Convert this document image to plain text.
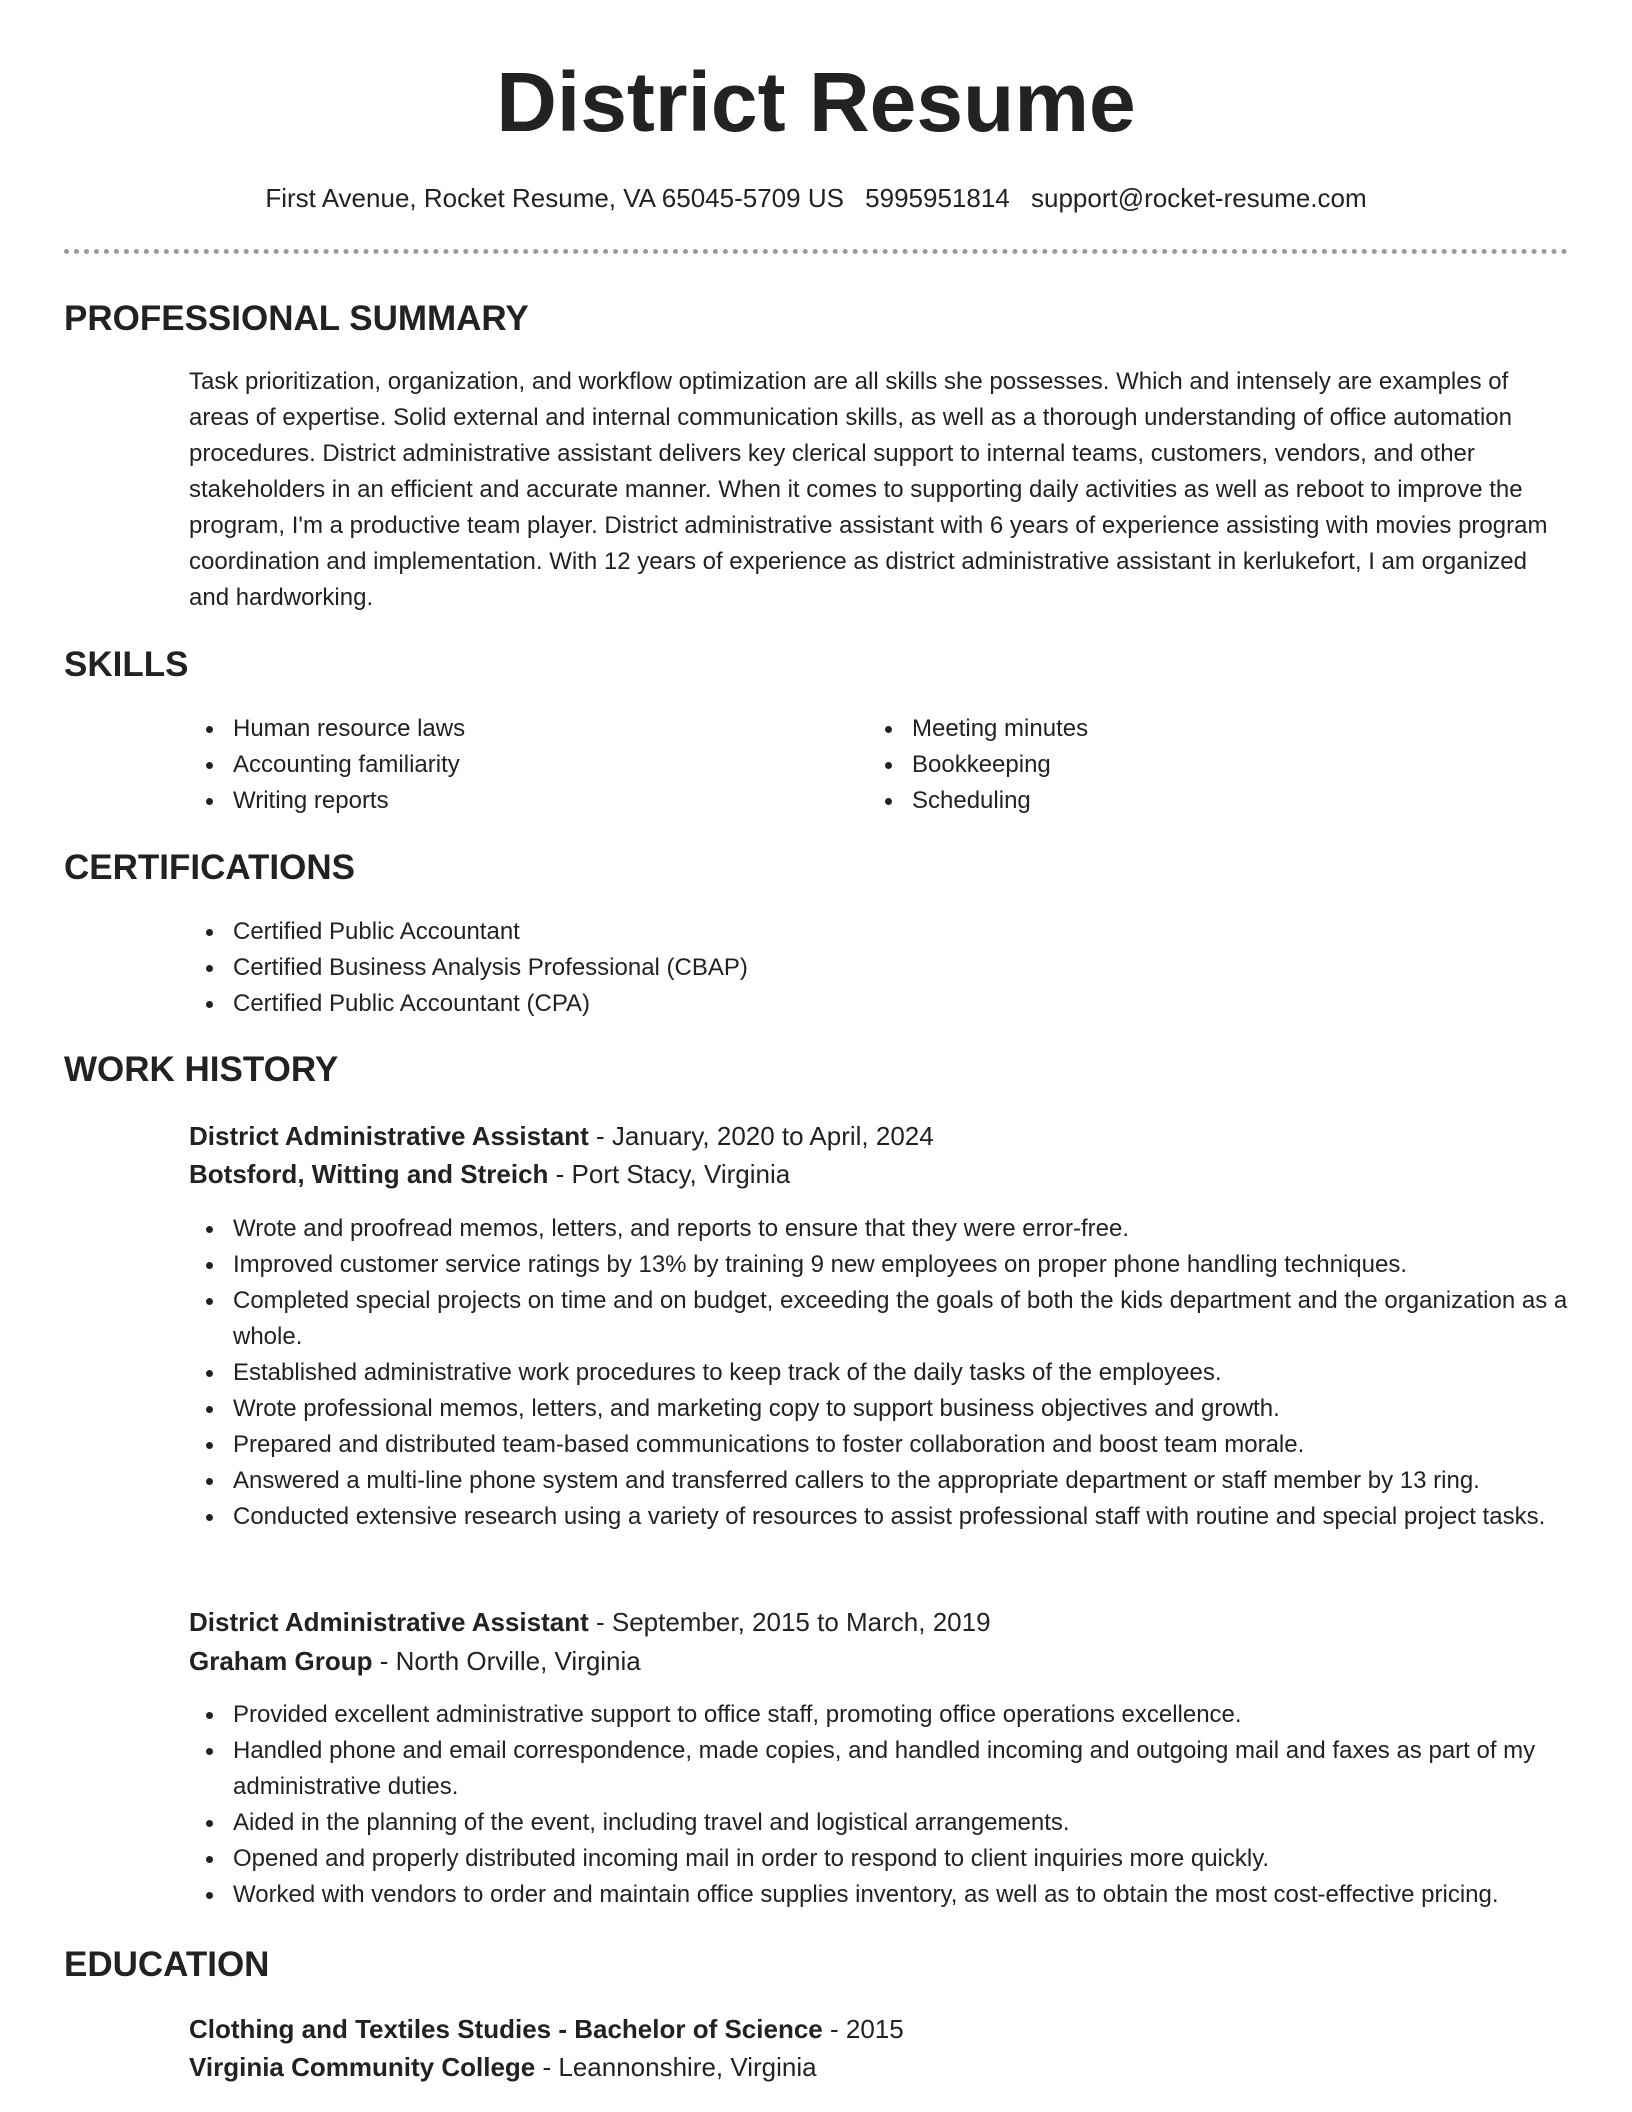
District Resume
First Avenue, Rocket Resume, VA 65045-5709 US 5995951814 support@rocket-resume.com
PROFESSIONAL SUMMARY

Task prioritization, organization, and workflow optimization are all skills she possesses. Which and intensely are examples of areas of expertise. Solid external and internal communication skills, as well as a thorough understanding of office automation procedures. District administrative assistant delivers key clerical support to internal teams, customers, vendors, and other stakeholders in an efficient and accurate manner. When it comes to supporting daily activities as well as reboot to improve the program, I'm a productive team player. District administrative assistant with 6 years of experience assisting with movies program coordination and implementation. With 12 years of experience as district administrative assistant in kerlukefort, I am organized and hardworking.

SKILLS
Human resource laws
Accounting familiarity
Writing reports
Meeting minutes
Bookkeeping
Scheduling
CERTIFICATIONS
Certified Public Accountant
Certified Business Analysis Professional (CBAP)
Certified Public Accountant (CPA)
WORK HISTORY
District Administrative Assistant - January, 2020 to April, 2024
Botsford, Witting and Streich - Port Stacy, Virginia
Wrote and proofread memos, letters, and reports to ensure that they were error-free.
Improved customer service ratings by 13% by training 9 new employees on proper phone handling techniques.
Completed special projects on time and on budget, exceeding the goals of both the kids department and the organization as a whole.
Established administrative work procedures to keep track of the daily tasks of the employees.
Wrote professional memos, letters, and marketing copy to support business objectives and growth.
Prepared and distributed team-based communications to foster collaboration and boost team morale.
Answered a multi-line phone system and transferred callers to the appropriate department or staff member by 13 ring.
Conducted extensive research using a variety of resources to assist professional staff with routine and special project tasks.
District Administrative Assistant - September, 2015 to March, 2019
Graham Group - North Orville, Virginia
Provided excellent administrative support to office staff, promoting office operations excellence.
Handled phone and email correspondence, made copies, and handled incoming and outgoing mail and faxes as part of my administrative duties.
Aided in the planning of the event, including travel and logistical arrangements.
Opened and properly distributed incoming mail in order to respond to client inquiries more quickly.
Worked with vendors to order and maintain office supplies inventory, as well as to obtain the most cost-effective pricing.
EDUCATION
Clothing and Textiles Studies - Bachelor of Science - 2015
Virginia Community College - Leannonshire, Virginia
